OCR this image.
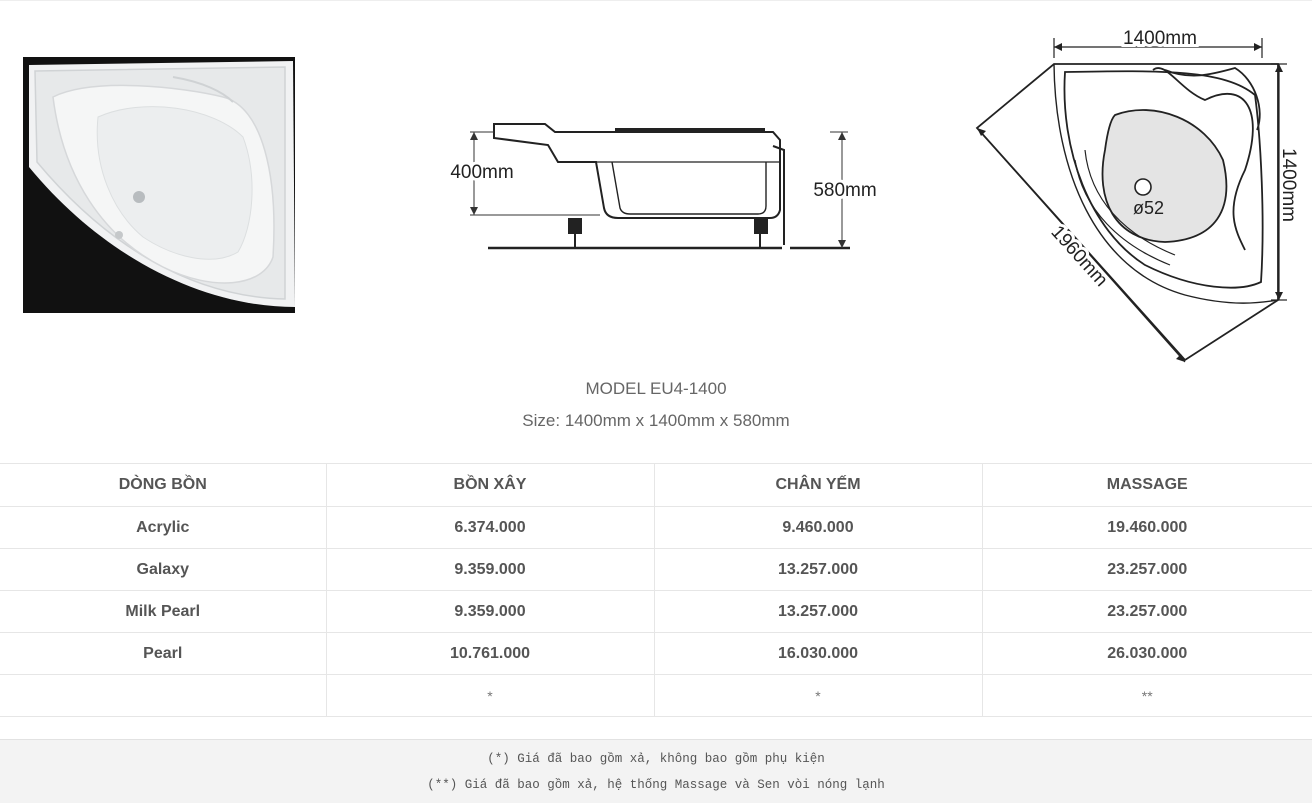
400mm
580mm
1400mm
1400mm
1960mm
ø52
MODEL EU4-1400
Size: 1400mm x 1400mm x 580mm
DÒNG BỒN	BỒN XÂY	CHÂN YẾM	MASSAGE
Acrylic	6.374.000	9.460.000	19.460.000
Galaxy	9.359.000	13.257.000	23.257.000
Milk Pearl	9.359.000	13.257.000	23.257.000
Pearl	10.761.000	16.030.000	26.030.000
	*	*	**
(*) Giá đã bao gồm xả, không bao gồm phụ kiện
(**) Giá đã bao gồm xả, hệ thống Massage và Sen vòi nóng lạnh
